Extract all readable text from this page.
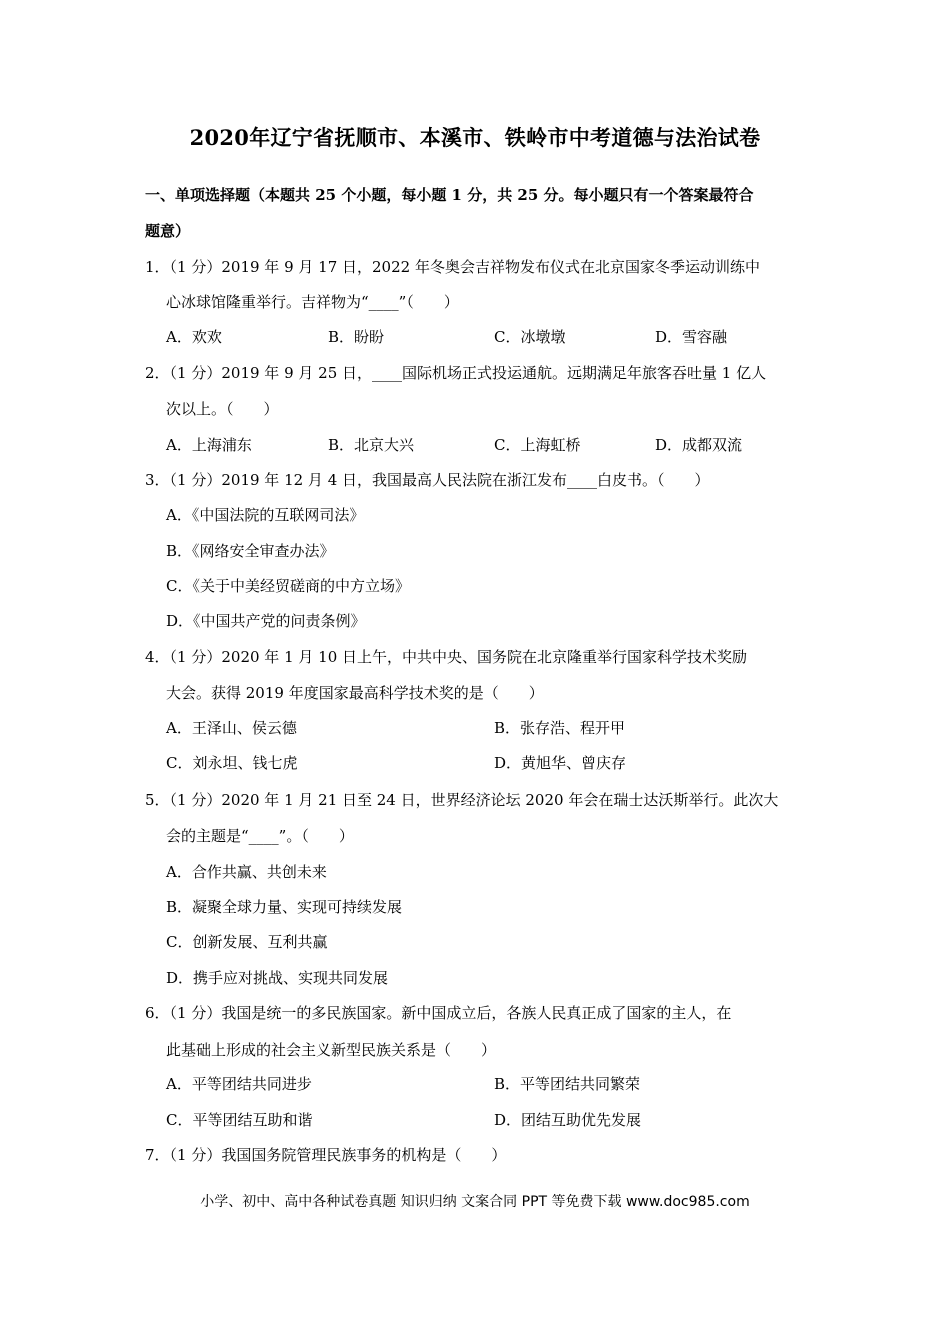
2020年辽宁省抚顺市、本溪市、铁岭市中考道德与法治试卷
一、单项选择题（本题共 25 个小题，每小题 1 分，共 25 分。每小题只有一个答案最符合
题意）
1．（1 分）2019 年 9 月 17 日，2022 年冬奥会吉祥物发布仪式在北京国家冬季运动训练中
心冰球馆隆重举行。吉祥物为“____”（　　）
A．欢欢	B．盼盼	C．冰墩墩	D．雪容融
2．（1 分）2019 年 9 月 25 日，____国际机场正式投运通航。远期满足年旅客吞吐量 1 亿人
次以上。（　　）
A．上海浦东	B．北京大兴	C．上海虹桥	D．成都双流
3．（1 分）2019 年 12 月 4 日，我国最高人民法院在浙江发布____白皮书。（　　）
A．《中国法院的互联网司法》
B．《网络安全审查办法》
C．《关于中美经贸磋商的中方立场》
D．《中国共产党的问责条例》
4．（1 分）2020 年 1 月 10 日上午，中共中央、国务院在北京隆重举行国家科学技术奖励
大会。获得 2019 年度国家最高科学技术奖的是（　　）
A．王泽山、侯云德	B．张存浩、程开甲
C．刘永坦、钱七虎	D．黄旭华、曾庆存
5．（1 分）2020 年 1 月 21 日至 24 日，世界经济论坛 2020 年会在瑞士达沃斯举行。此次大
会的主题是“____”。（　　）
A．合作共赢、共创未来
B．凝聚全球力量、实现可持续发展
C．创新发展、互利共赢
D．携手应对挑战、实现共同发展
6．（1 分）我国是统一的多民族国家。新中国成立后，各族人民真正成了国家的主人，在
此基础上形成的社会主义新型民族关系是（　　）
A．平等团结共同进步	B．平等团结共同繁荣
C．平等团结互助和谐	D．团结互助优先发展
7．（1 分）我国国务院管理民族事务的机构是（　　）
小学、初中、高中各种试卷真题 知识归纳 文案合同 PPT 等免费下载 www.doc985.com
